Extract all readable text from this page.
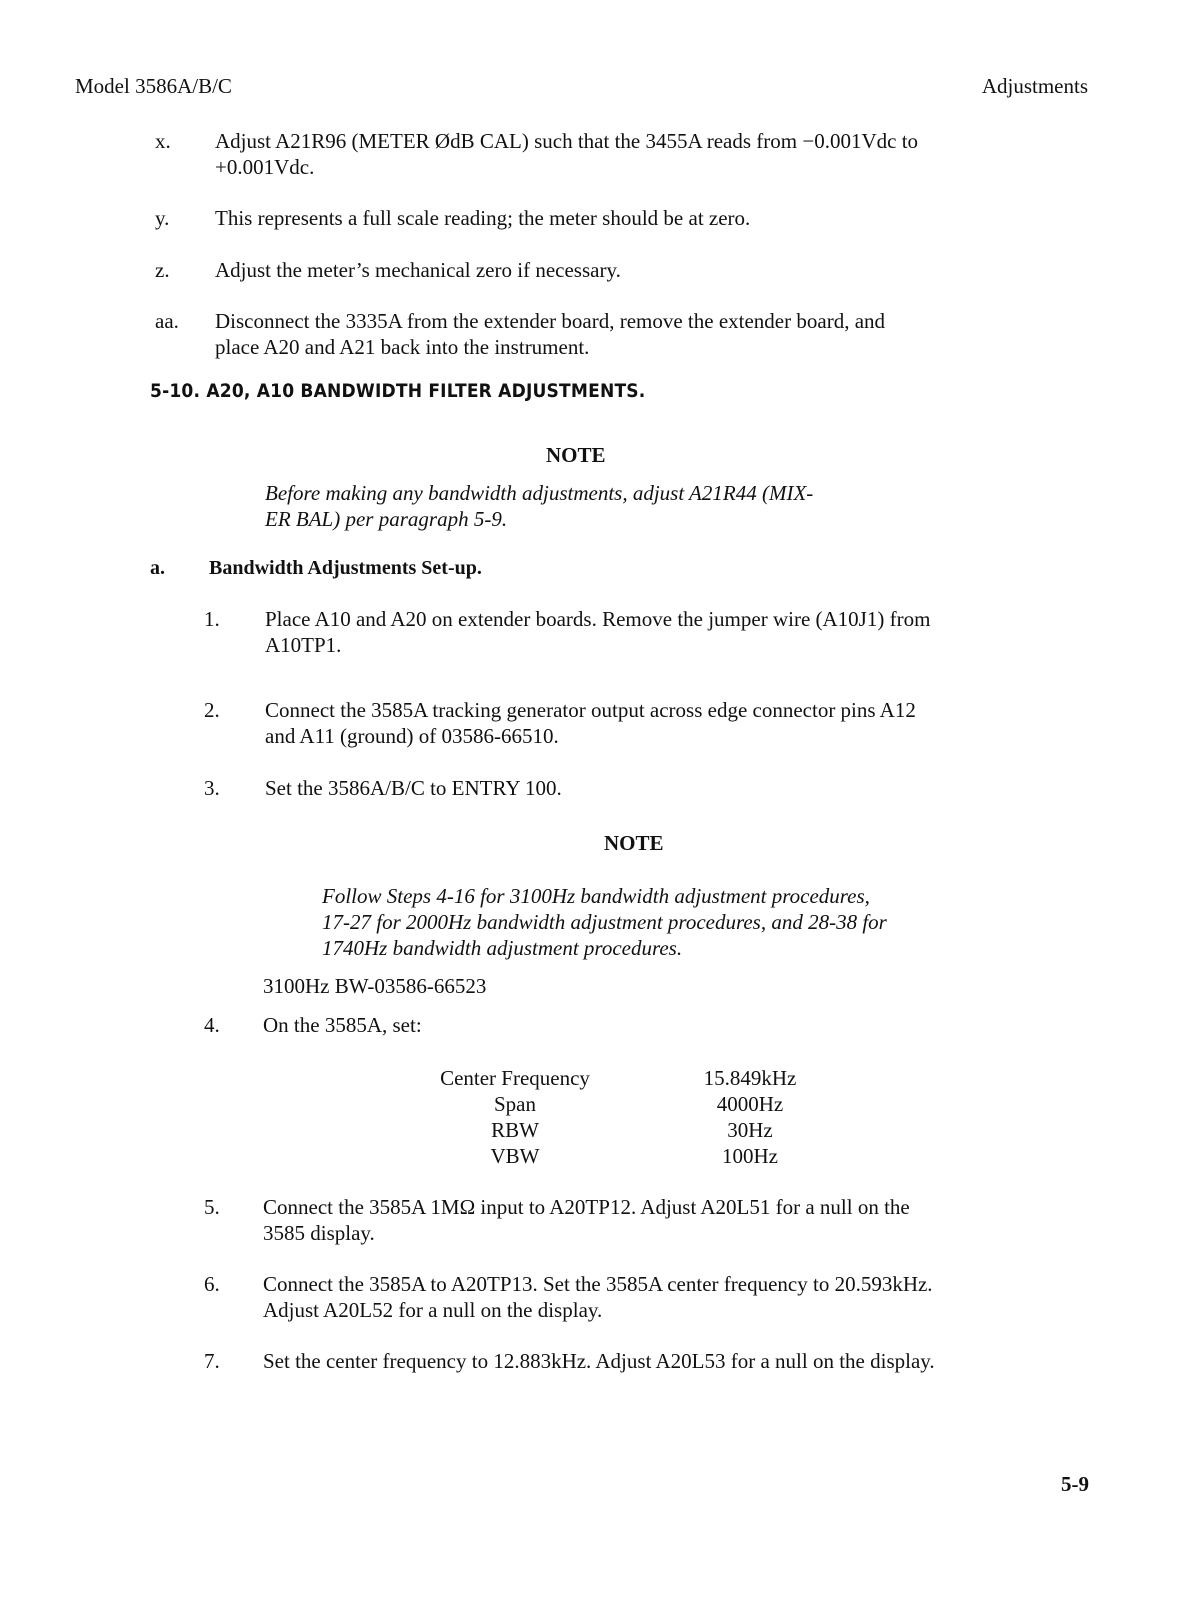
Model 3586A/B/C	Adjustments
x. Adjust A21R96 (METER ØdB CAL) such that the 3455A reads from −0.001Vdc to
+0.001Vdc.
y. This represents a full scale reading; the meter should be at zero.
z. Adjust the meter’s mechanical zero if necessary.
aa. Disconnect the 3335A from the extender board, remove the extender board, and
place A20 and A21 back into the instrument.
5-10. A20, A10 BANDWIDTH FILTER ADJUSTMENTS.
NOTE
Before making any bandwidth adjustments, adjust A21R44 (MIX-
ER BAL) per paragraph 5-9.
a. Bandwidth Adjustments Set-up.
1. Place A10 and A20 on extender boards. Remove the jumper wire (A10J1) from
A10TP1.
2. Connect the 3585A tracking generator output across edge connector pins A12
and A11 (ground) of 03586-66510.
3. Set the 3586A/B/C to ENTRY 100.
NOTE
Follow Steps 4-16 for 3100Hz bandwidth adjustment procedures,
17-27 for 2000Hz bandwidth adjustment procedures, and 28-38 for
1740Hz bandwidth adjustment procedures.
3100Hz BW-03586-66523
4. On the 3585A, set:
Center Frequency	15.849kHz
Span	4000Hz
RBW	30Hz
VBW	100Hz
5. Connect the 3585A 1MΩ input to A20TP12. Adjust A20L51 for a null on the
3585 display.
6. Connect the 3585A to A20TP13. Set the 3585A center frequency to 20.593kHz.
Adjust A20L52 for a null on the display.
7. Set the center frequency to 12.883kHz. Adjust A20L53 for a null on the display.
5-9
